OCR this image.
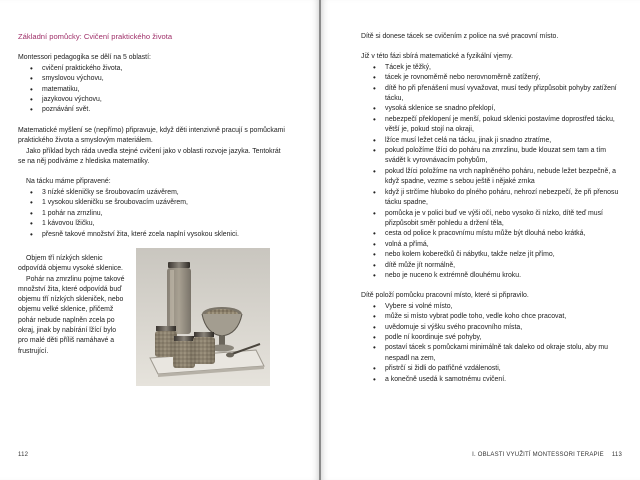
Základní pomůcky: Cvičení praktického života

Montessori pedagogika se dělí na 5 oblastí:

• cvičení praktického života,
• smyslovou výchovu,
• matematiku,
• jazykovou výchovu,
• poznávání svět.

Matematické myšlení se (nepřímo) připravuje, když děti intenzivně pracují s pomůckami praktického života a smyslovým materiálem.

Jako příklad bych ráda uvedla stejné cvičení jako v oblasti rozvoje jazyka. Tentokrát se na něj podíváme z hlediska matematiky.

Na tácku máme připravené:

• 3 nízké skleničky se šroubovacím uzávěrem,
• 1 vysokou skleničku se šroubovacím uzávěrem,
• 1 pohár na zrnzlinu,
• 1 kávovou lžičku,
• přesně takové množství žita, které zcela naplní vysokou sklenici.

Objem tří nízkých sklenic odpovídá objemu vysoké sklenice.

Pohár na zmrzlinu pojme takové množství žita, které odpovídá buď objemu tří nízkých skleniček, nebo objemu velké sklenice, přičemž pohár nebude naplněn zcela po okraj, jinak by nabírání lžící bylo pro malé děti příliš namáhavé a frustrující.

112

Dítě si donese tácek se cvičením z police na své pracovní místo.

Již v této fázi sbírá matematické a fyzikální vjemy.

• Tácek je těžký,
• tácek je rovnoměrně nebo nerovnoměrně zatížený,
• dítě ho při přenášení musí vyvažovat, musí tedy přizpůsobit pohyby zatížení tácku,
• vysoká sklenice se snadno překlopí,
• nebezpečí překlopení je menší, pokud sklenici postavíme doprostřed tácku, větší je, pokud stojí na okraji,
• lžíce musí ležet celá na tácku, jinak ji snadno ztratíme,
• pokud položíme lžíci do poháru na zmrzlinu, bude klouzat sem tam a tím svádět k vyrovnávacím pohybům,
• pokud lžíci položíme na vrch naplněného poháru, nebude ležet bezpečně, a když spadne, vezme s sebou ještě i nějaké zrnka
• když ji strčíme hluboko do plného poháru, nehrozí nebezpečí, že při přenosu tácku spadne,
• pomůcka je v polici buď ve výši očí, nebo vysoko či nízko, dítě teď musí přizpůsobit směr pohledu a držení těla,
• cesta od police k pracovnímu místu může být dlouhá nebo krátká,
• volná a přímá,
• nebo kolem koberečků či nábytku, takže nelze jít přímo,
• dítě může jít normálně,
• nebo je nuceno k extrémně dlouhému kroku.

Dítě položí pomůcku pracovní místo, které si připravilo.

• Vybere si volné místo,
• může si místo vybrat podle toho, vedle koho chce pracovat,
• uvědomuje si výšku svého pracovního místa,
• podle ní koordinuje své pohyby,
• postaví tácek s pomůckami minimálně tak daleko od okraje stolu, aby mu nespadl na zem,
• přistrčí si židli do patřičné vzdálenosti,
• a konečně usedá k samotnému cvičení.
I. OBLASTI VYUŽITÍ MONTESSORI TERAPIE 113
